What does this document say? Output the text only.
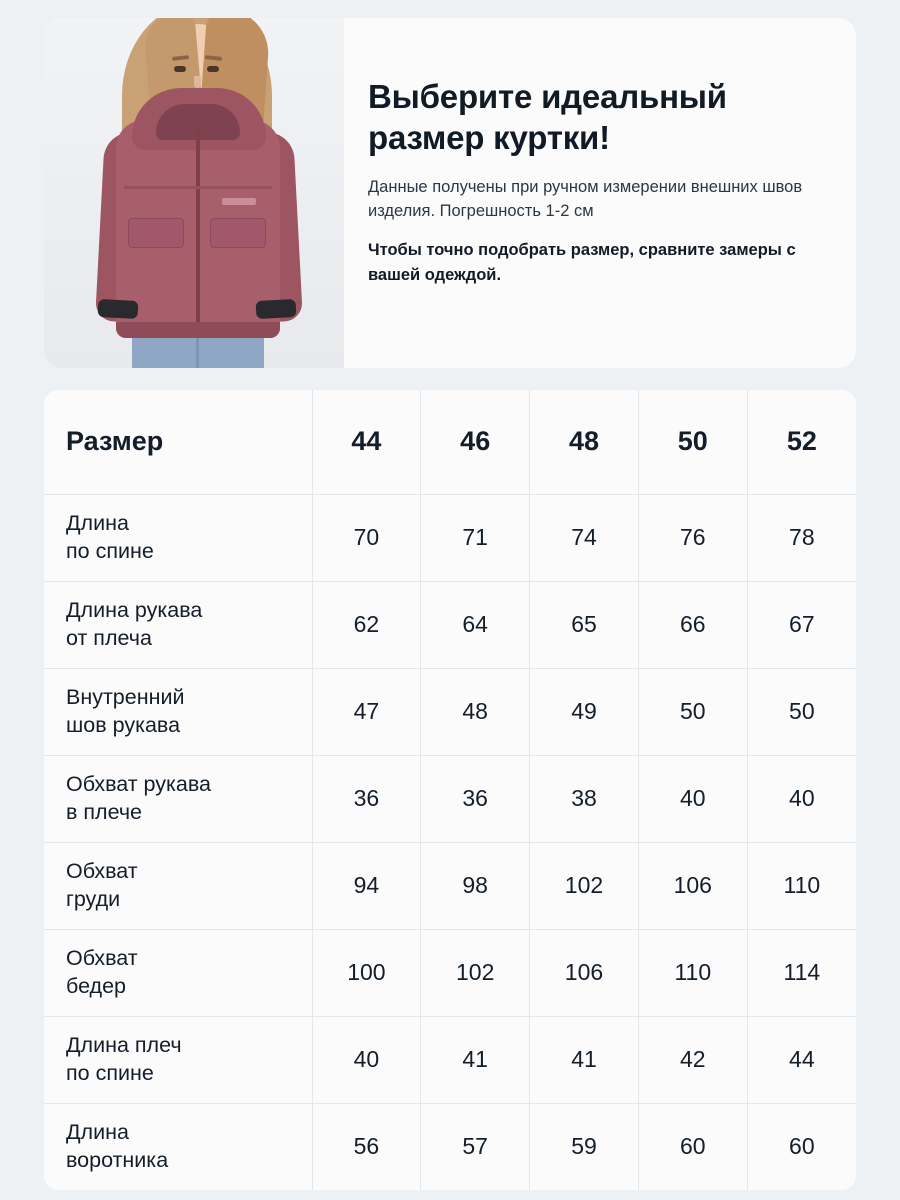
Выберите идеальный размер куртки!

Данные получены при ручном измерении внешних швов изделия. Погрешность 1-2 см

Чтобы точно подобрать размер, сравните замеры с вашей одеждой.

Размер	44	46	48	50	52

Длина
по спине	70	71	74	76	78

Длина рукава
от плеча	62	64	65	66	67

Внутренний
шов рукава	47	48	49	50	50

Обхват рукава
в плече	36	36	38	40	40

Обхват
груди	94	98	102	106	110

Обхват
бедер	100	102	106	110	114

Длина плеч
по спине	40	41	41	42	44

Длина
воротника	56	57	59	60	60
